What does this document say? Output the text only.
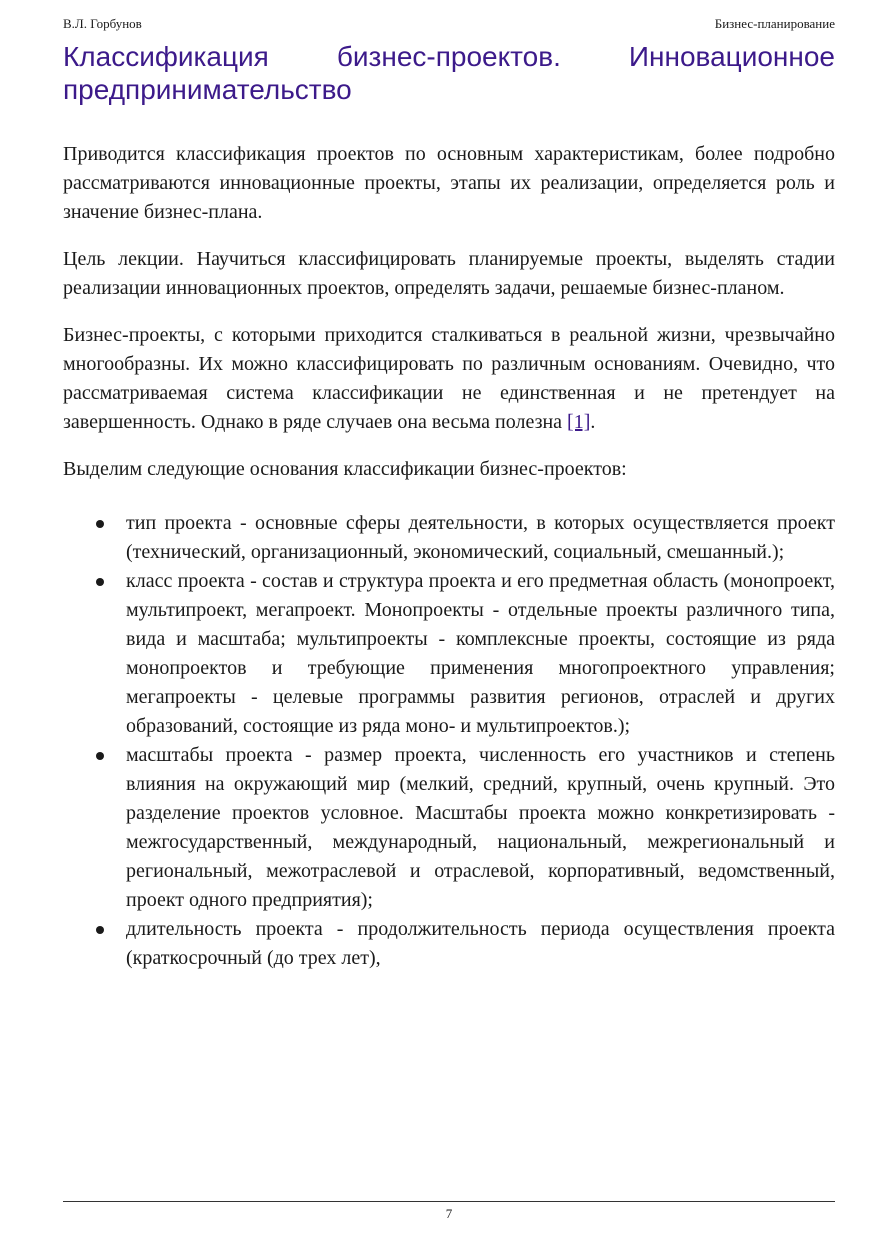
В.Л. Горбунов	Бизнес-планирование
Классификация бизнес-проектов. Инновационное предпринимательство

Приводится классификация проектов по основным характеристикам, более подробно рассматриваются инновационные проекты, этапы их реализации, определяется роль и значение бизнес-плана.

Цель лекции. Научиться классифицировать планируемые проекты, выделять стадии реализации инновационных проектов, определять задачи, решаемые бизнес-планом.

Бизнес-проекты, с которыми приходится сталкиваться в реальной жизни, чрезвычайно многообразны. Их можно классифицировать по различным основаниям. Очевидно, что рассматриваемая система классификации не единственная и не претендует на завершенность. Однако в ряде случаев она весьма полезна [1].

Выделим следующие основания классификации бизнес-проектов:

тип проекта - основные сферы деятельности, в которых осуществляется проект (технический, организационный, экономический, социальный, смешанный.);
класс проекта - состав и структура проекта и его предметная область (монопроект, мультипроект, мегапроект. Монопроекты - отдельные проекты различного типа, вида и масштаба; мультипроекты - комплексные проекты, состоящие из ряда монопроектов и требующие применения многопроектного управления; мегапроекты - целевые программы развития регионов, отраслей и других образований, состоящие из ряда моно- и мультипроектов.);
масштабы проекта - размер проекта, численность его участников и степень влияния на окружающий мир (мелкий, средний, крупный, очень крупный. Это разделение проектов условное. Масштабы проекта можно конкретизировать - межгосударственный, международный, национальный, межрегиональный и региональный, межотраслевой и отраслевой, корпоративный, ведомственный, проект одного предприятия);
длительность проекта - продолжительность периода осуществления проекта (краткосрочный (до трех лет),
7
